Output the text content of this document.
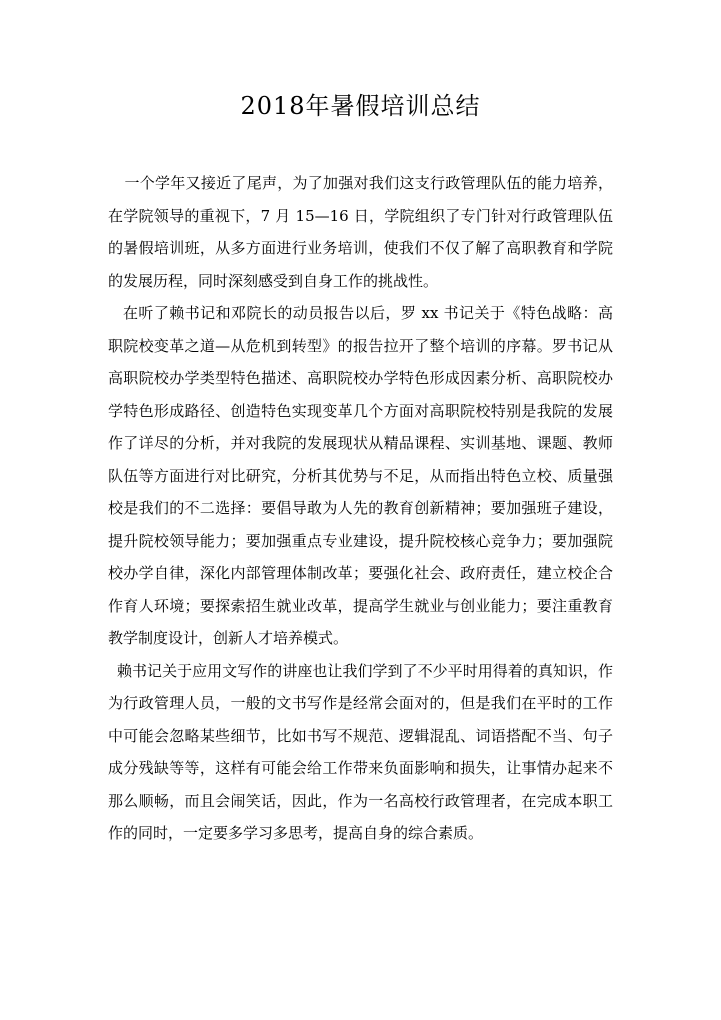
2018年暑假培训总结

一个学年又接近了尾声，为了加强对我们这支行政管理队伍的能力培养，在学院领导的重视下，7 月 15—16 日，学院组织了专门针对行政管理队伍的暑假培训班，从多方面进行业务培训，使我们不仅了解了高职教育和学院的发展历程，同时深刻感受到自身工作的挑战性。

在听了赖书记和邓院长的动员报告以后，罗 xx 书记关于《特色战略：高职院校变革之道—从危机到转型》的报告拉开了整个培训的序幕。罗书记从高职院校办学类型特色描述、高职院校办学特色形成因素分析、高职院校办学特色形成路径、创造特色实现变革几个方面对高职院校特别是我院的发展作了详尽的分析，并对我院的发展现状从精品课程、实训基地、课题、教师队伍等方面进行对比研究，分析其优势与不足，从而指出特色立校、质量强校是我们的不二选择：要倡导敢为人先的教育创新精神；要加强班子建设，提升院校领导能力；要加强重点专业建设，提升院校核心竞争力；要加强院校办学自律，深化内部管理体制改革；要强化社会、政府责任，建立校企合作育人环境；要探索招生就业改革，提高学生就业与创业能力；要注重教育教学制度设计，创新人才培养模式。

赖书记关于应用文写作的讲座也让我们学到了不少平时用得着的真知识，作为行政管理人员，一般的文书写作是经常会面对的，但是我们在平时的工作中可能会忽略某些细节，比如书写不规范、逻辑混乱、词语搭配不当、句子成分残缺等等，这样有可能会给工作带来负面影响和损失，让事情办起来不那么顺畅，而且会闹笑话，因此，作为一名高校行政管理者，在完成本职工作的同时，一定要多学习多思考，提高自身的综合素质。
